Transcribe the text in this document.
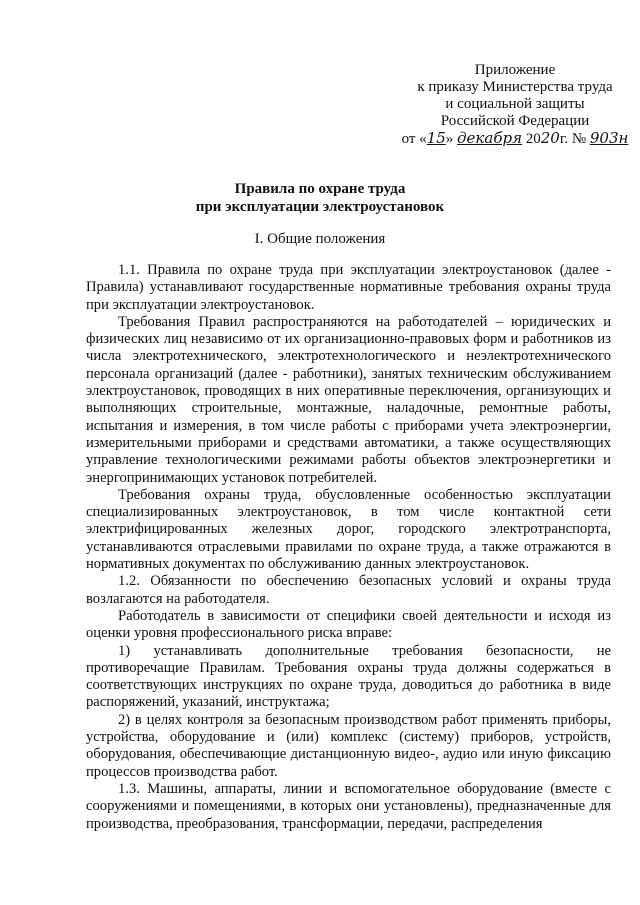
Приложение
к приказу Министерства труда
и социальной защиты
Российской Федерации
от «15» декабря 2020г. № 903н
Правила по охране труда
при эксплуатации электроустановок
I. Общие положения

1.1. Правила по охране труда при эксплуатации электроустановок (далее - Правила) устанавливают государственные нормативные требования охраны труда при эксплуатации электроустановок.

Требования Правил распространяются на работодателей – юридических и физических лиц независимо от их организационно-правовых форм и работников из числа электротехнического, электротехнологического и неэлектротехнического персонала организаций (далее - работники), занятых техническим обслуживанием электроустановок, проводящих в них оперативные переключения, организующих и выполняющих строительные, монтажные, наладочные, ремонтные работы, испытания и измерения, в том числе работы с приборами учета электроэнергии, измерительными приборами и средствами автоматики, а также осуществляющих управление технологическими режимами работы объектов электроэнергетики и энергопринимающих установок потребителей.

Требования охраны труда, обусловленные особенностью эксплуатации специализированных электроустановок, в том числе контактной сети электрифицированных железных дорог, городского электротранспорта, устанавливаются отраслевыми правилами по охране труда, а также отражаются в нормативных документах по обслуживанию данных электроустановок.

1.2. Обязанности по обеспечению безопасных условий и охраны труда возлагаются на работодателя.

Работодатель в зависимости от специфики своей деятельности и исходя из оценки уровня профессионального риска вправе:

1) устанавливать дополнительные требования безопасности, не противоречащие Правилам. Требования охраны труда должны содержаться в соответствующих инструкциях по охране труда, доводиться до работника в виде распоряжений, указаний, инструктажа;

2) в целях контроля за безопасным производством работ применять приборы, устройства, оборудование и (или) комплекс (систему) приборов, устройств, оборудования, обеспечивающие дистанционную видео-, аудио или иную фиксацию процессов производства работ.

1.3. Машины, аппараты, линии и вспомогательное оборудование (вместе с сооружениями и помещениями, в которых они установлены), предназначенные для производства, преобразования, трансформации, передачи, распределения
